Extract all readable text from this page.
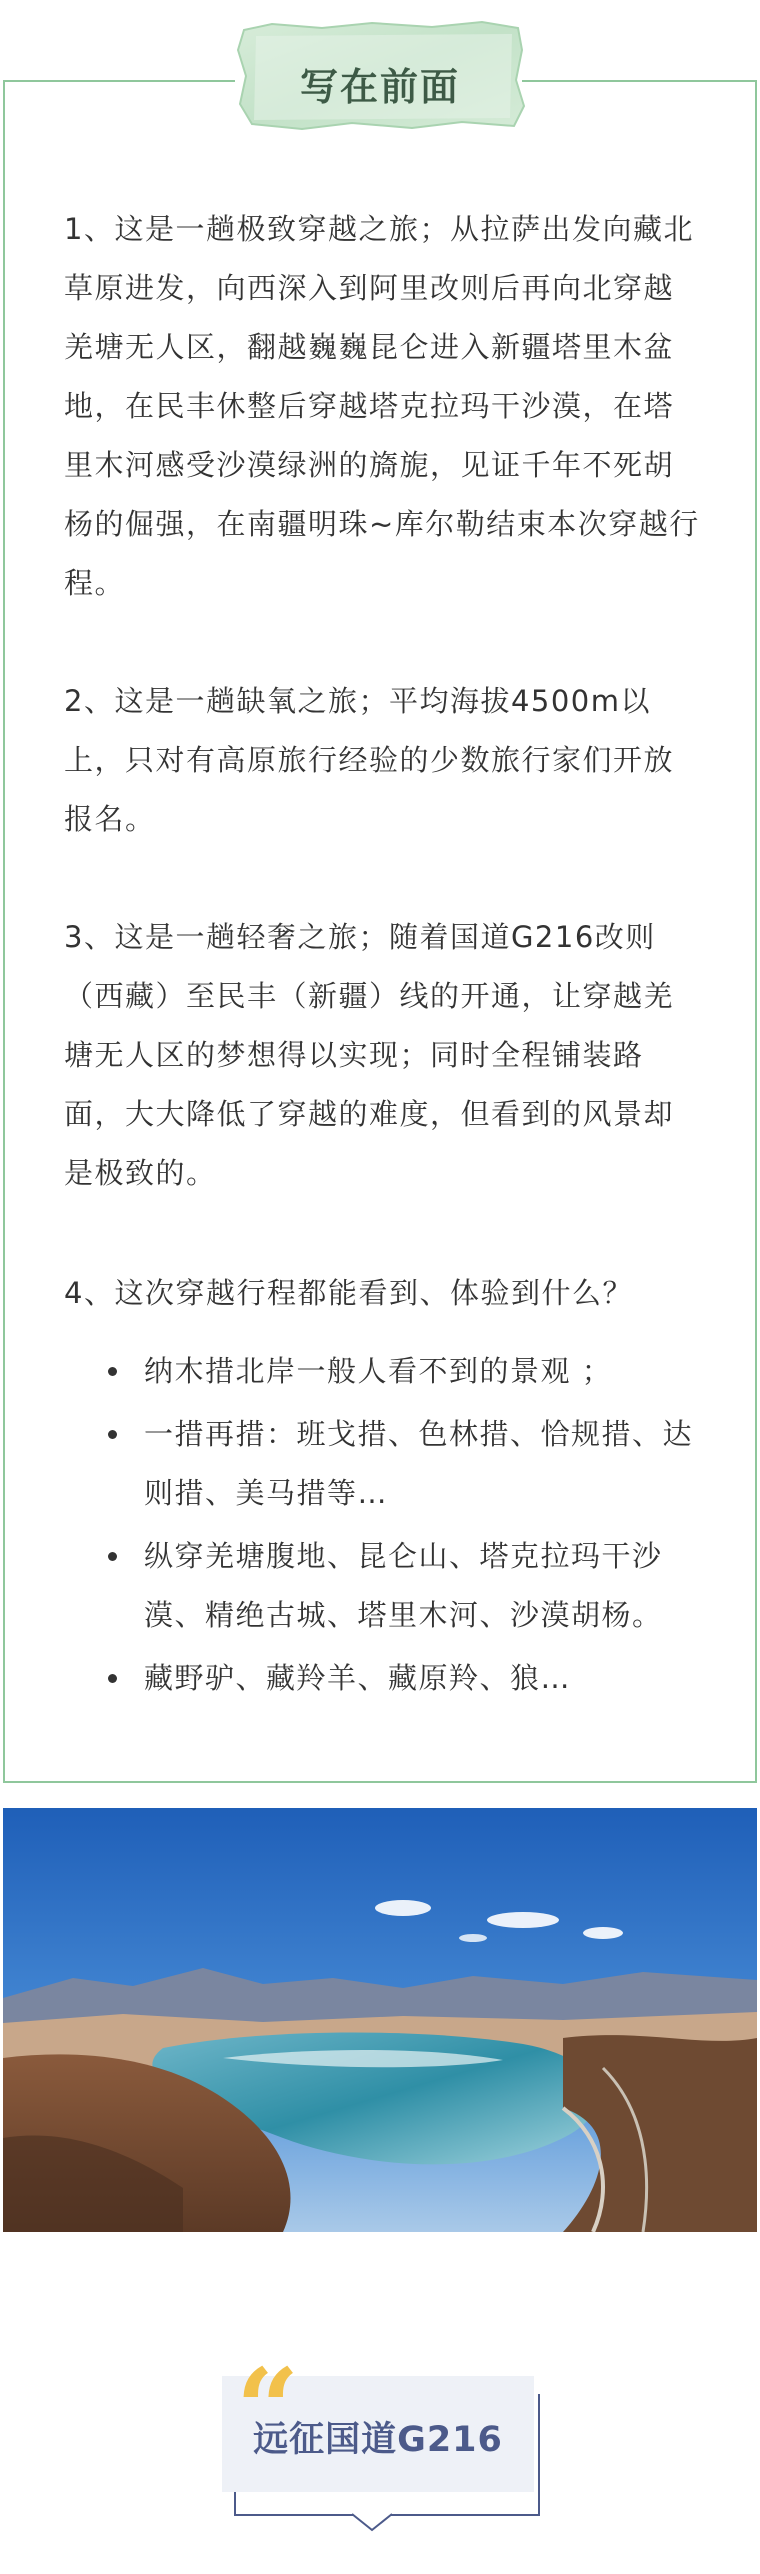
写在前面

1、这是一趟极致穿越之旅；从拉萨出发向藏北草原进发，向西深入到阿里改则后再向北穿越羌塘无人区，翻越巍巍昆仑进入新疆塔里木盆地，在民丰休整后穿越塔克拉玛干沙漠，在塔里木河感受沙漠绿洲的旖旎，见证千年不死胡杨的倔强，在南疆明珠~库尔勒结束本次穿越行程。

2、这是一趟缺氧之旅；平均海拔4500m以上，只对有高原旅行经验的少数旅行家们开放报名。

3、这是一趟轻奢之旅；随着国道G216改则（西藏）至民丰（新疆）线的开通，让穿越羌塘无人区的梦想得以实现；同时全程铺装路面，大大降低了穿越的难度，但看到的风景却是极致的。

4、这次穿越行程都能看到、体验到什么？

纳木措北岸一般人看不到的景观 ；
一措再措：班戈措、色林措、恰规措、达则措、美马措等…
纵穿羌塘腹地、昆仑山、塔克拉玛干沙漠、精绝古城、塔里木河、沙漠胡杨。
藏野驴、藏羚羊、藏原羚、狼…
“
远征国道G216
